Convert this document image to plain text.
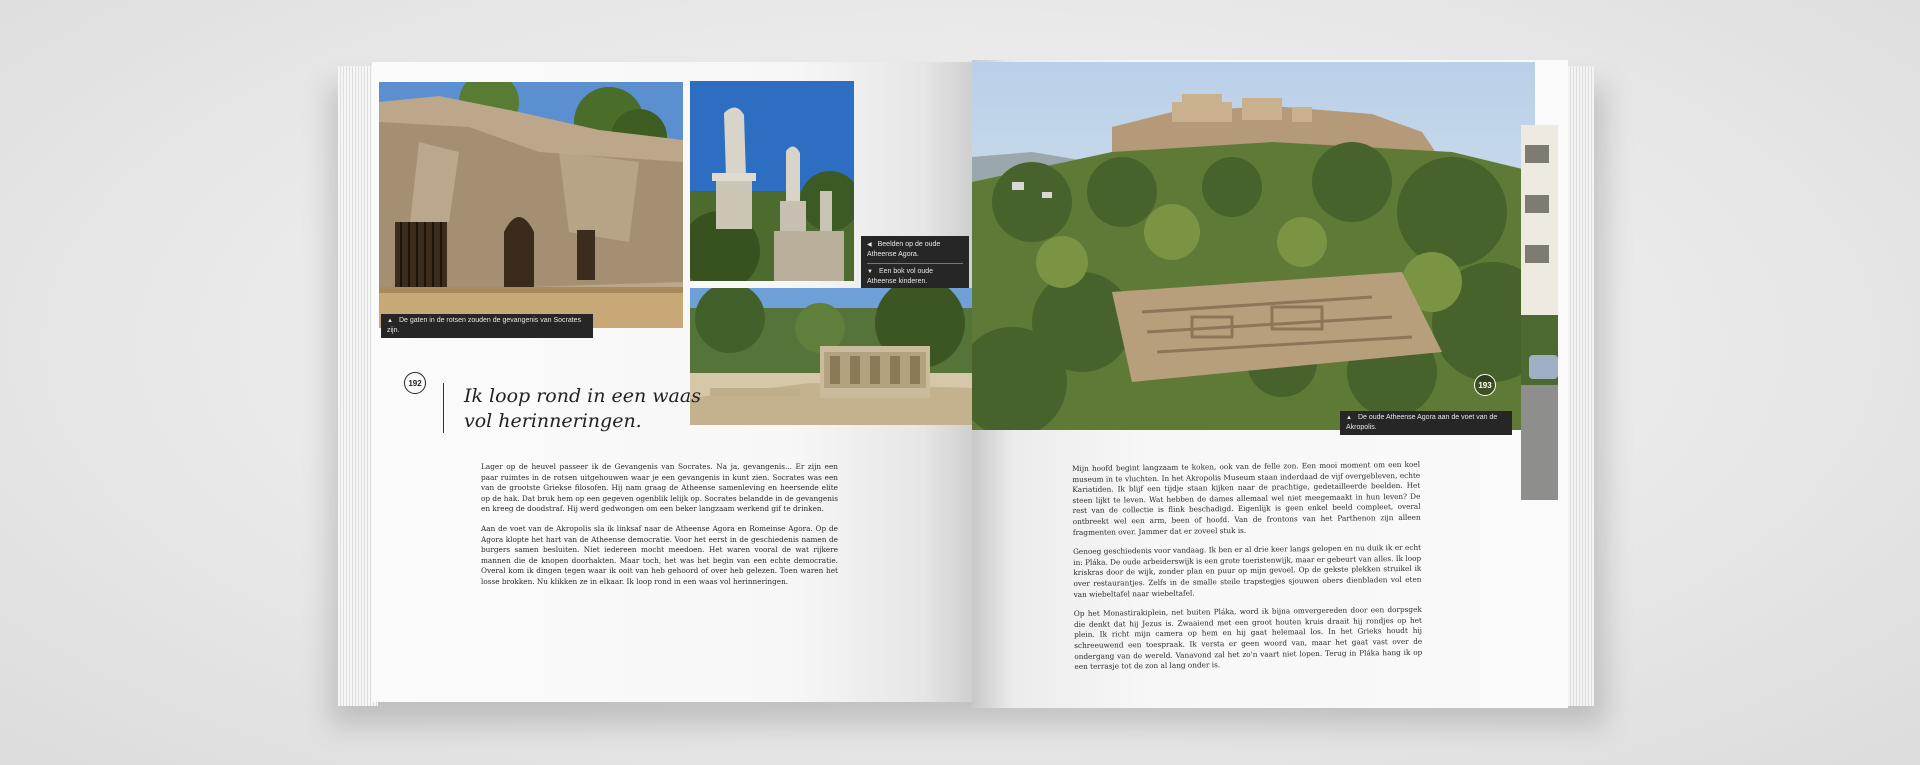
▲ De gaten in de rotsen zouden de gevangenis van Socrates zijn.
◀ Beelden op de oude Atheense Agora.
▼ Een bok vol oude Atheense kinderen.
192
Ik loop rond in een waas vol herinneringen.

Lager op de heuvel passeer ik de Gevangenis van Socrates. Na ja, gevangenis... Er zijn een paar ruimtes in de rotsen uitgehouwen waar je een gevangenis in kunt zien. Socrates was een van de grootste Griekse filosofen. Hij nam graag de Atheense samenleving en heersende elite op de hak. Dat bruk hem op een gegeven ogenblik lelijk op. Socrates belandde in de gevangenis en kreeg de doodstraf. Hij werd gedwongen om een beker langzaam werkend gif te drinken.

Aan de voet van de Akropolis sla ik linksaf naar de Atheense Agora en Romeinse Agora. Op de Agora klopte het hart van de Atheense democratie. Voor het eerst in de geschiedenis namen de burgers samen besluiten. Niet iedereen mocht meedoen. Het waren vooral de wat rijkere mannen die de knopen doorhakten. Maar toch, het was het begin van een echte democratie. Overal kom ik dingen tegen waar ik ooit van heb gehoord of over heb gelezen. Toen waren het losse brokken. Nu klikken ze in elkaar. Ik loop rond in een waas vol herinneringen.

193
▲ De oude Atheense Agora aan de voet van de Akropolis.

Mijn hoofd begint langzaam te koken, ook van de felle zon. Een mooi moment om een koel museum in te vluchten. In het Akropolis Museum staan inderdaad de vijf overgebleven, echte Kariatiden. Ik blijf een tijdje staan kijken naar de prachtige, gedetailleerde beelden. Het steen lijkt te leven. Wat hebben de dames allemaal wel niet meegemaakt in hun leven? De rest van de collectie is flink beschadigd. Eigenlijk is geen enkel beeld compleet, overal ontbreekt wel een arm, been of hoofd. Van de frontons van het Parthenon zijn alleen fragmenten over. Jammer dat er zoveel stuk is.

Genoeg geschiedenis voor vandaag. Ik ben er al drie keer langs gelopen en nu duik ik er echt in: Pláka. De oude arbeiderswijk is een grote toeristenwijk, maar er gebeurt van alles. Ik loop kriskras door de wijk, zonder plan en puur op mijn gevoel. Op de gekste plekken struikel ik over restaurantjes. Zelfs in de smalle steile trapstegjes sjouwen obers dienbladen vol eten van wiebeltafel naar wiebeltafel.

Op het Monastirakiplein, net buiten Pláka, word ik bijna omvergereden door een dorpsgek die denkt dat hij Jezus is. Zwaaiend met een groot houten kruis draait hij rondjes op het plein. Ik richt mijn camera op hem en hij gaat helemaal los. In het Grieks houdt hij schreeuwend een toespraak. Ik versta er geen woord van, maar het gaat vast over de ondergang van de wereld. Vanavond zal het zo'n vaart niet lopen. Terug in Pláka hang ik op een terrasje tot de zon al lang onder is.
